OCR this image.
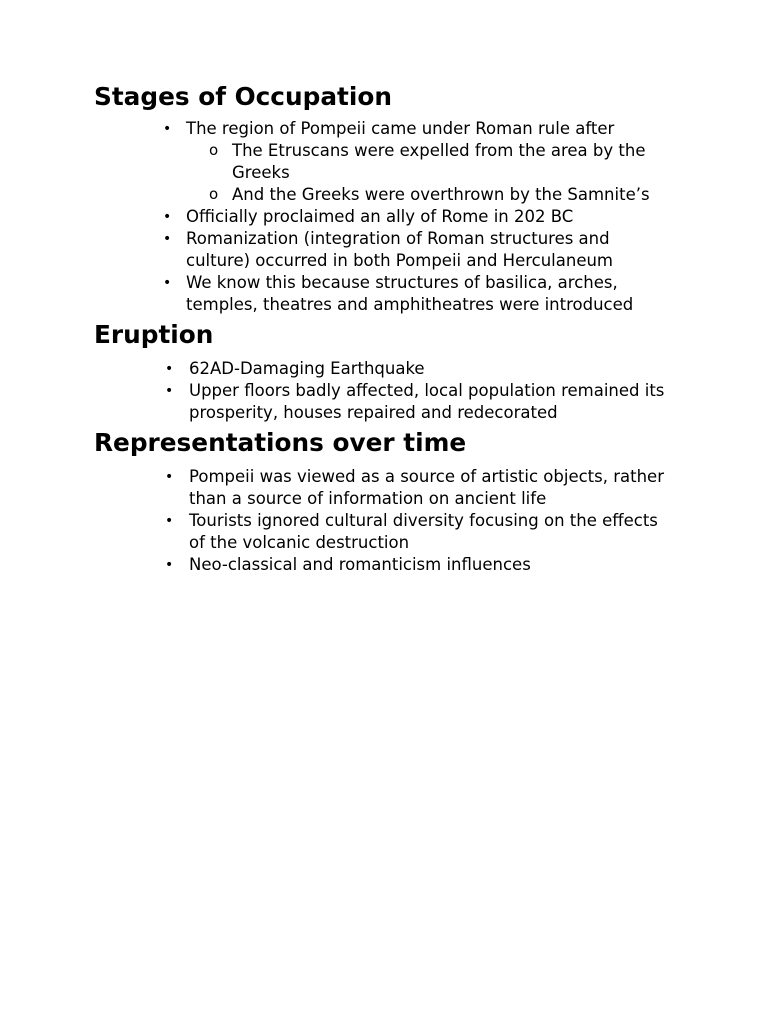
Stages of Occupation
• The region of Pompeii came under Roman rule after
o The Etruscans were expelled from the area by the Greeks
o And the Greeks were overthrown by the Samnite’s
• Officially proclaimed an ally of Rome in 202 BC
• Romanization (integration of Roman structures and culture) occurred in both Pompeii and Herculaneum
• We know this because structures of basilica, arches, temples, theatres and amphitheatres were introduced
Eruption
• 62AD-Damaging Earthquake
• Upper floors badly affected, local population remained its prosperity, houses repaired and redecorated
Representations over time
• Pompeii was viewed as a source of artistic objects, rather than a source of information on ancient life
• Tourists ignored cultural diversity focusing on the effects of the volcanic destruction
• Neo-classical and romanticism influences
